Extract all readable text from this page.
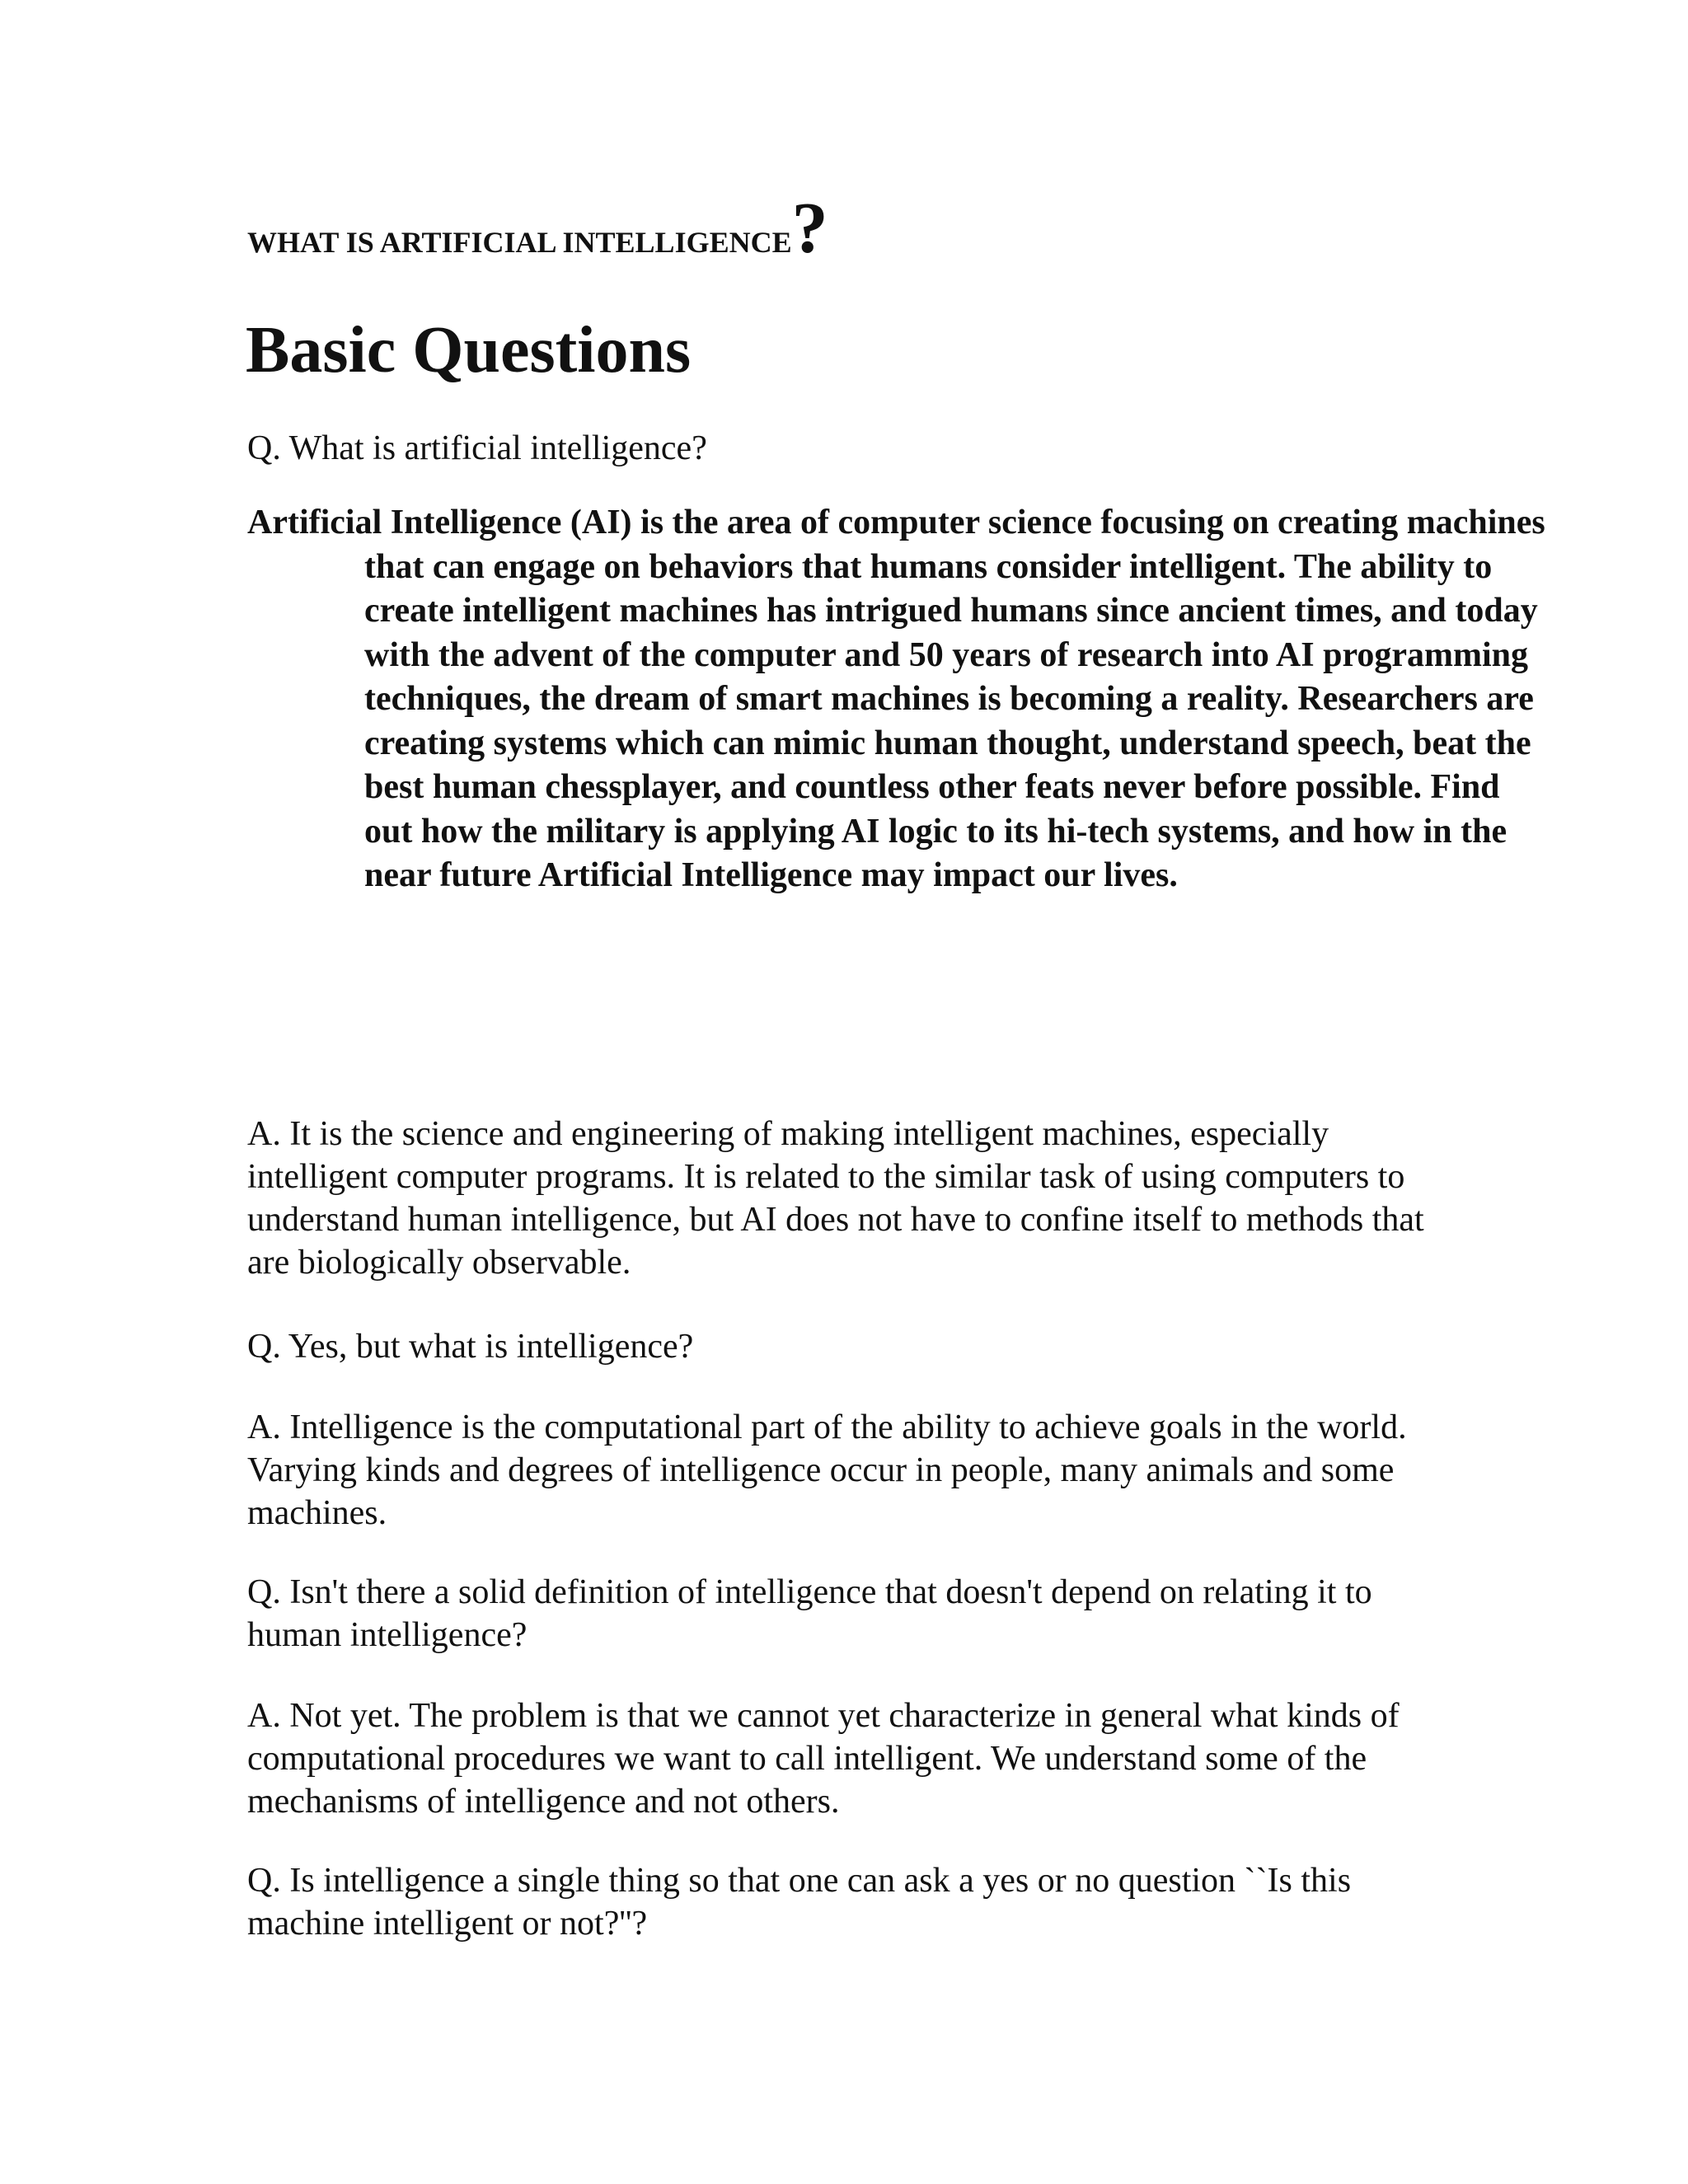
WHAT IS ARTIFICIAL INTELLIGENCE?
Basic Questions

Q. What is artificial intelligence?

Artificial Intelligence (AI) is the area of computer science focusing on creating machines that can engage on behaviors that humans consider intelligent. The ability to create intelligent machines has intrigued humans since ancient times, and today with the advent of the computer and 50 years of research into AI programming techniques, the dream of smart machines is becoming a reality. Researchers are creating systems which can mimic human thought, understand speech, beat the best human chessplayer, and countless other feats never before possible. Find out how the military is applying AI logic to its hi-tech systems, and how in the near future Artificial Intelligence may impact our lives.

A. It is the science and engineering of making intelligent machines, especially intelligent computer programs. It is related to the similar task of using computers to understand human intelligence, but AI does not have to confine itself to methods that are biologically observable.

Q. Yes, but what is intelligence?

A. Intelligence is the computational part of the ability to achieve goals in the world. Varying kinds and degrees of intelligence occur in people, many animals and some machines.

Q. Isn't there a solid definition of intelligence that doesn't depend on relating it to human intelligence?

A. Not yet. The problem is that we cannot yet characterize in general what kinds of computational procedures we want to call intelligent. We understand some of the mechanisms of intelligence and not others.

Q. Is intelligence a single thing so that one can ask a yes or no question ``Is this machine intelligent or not?''?
